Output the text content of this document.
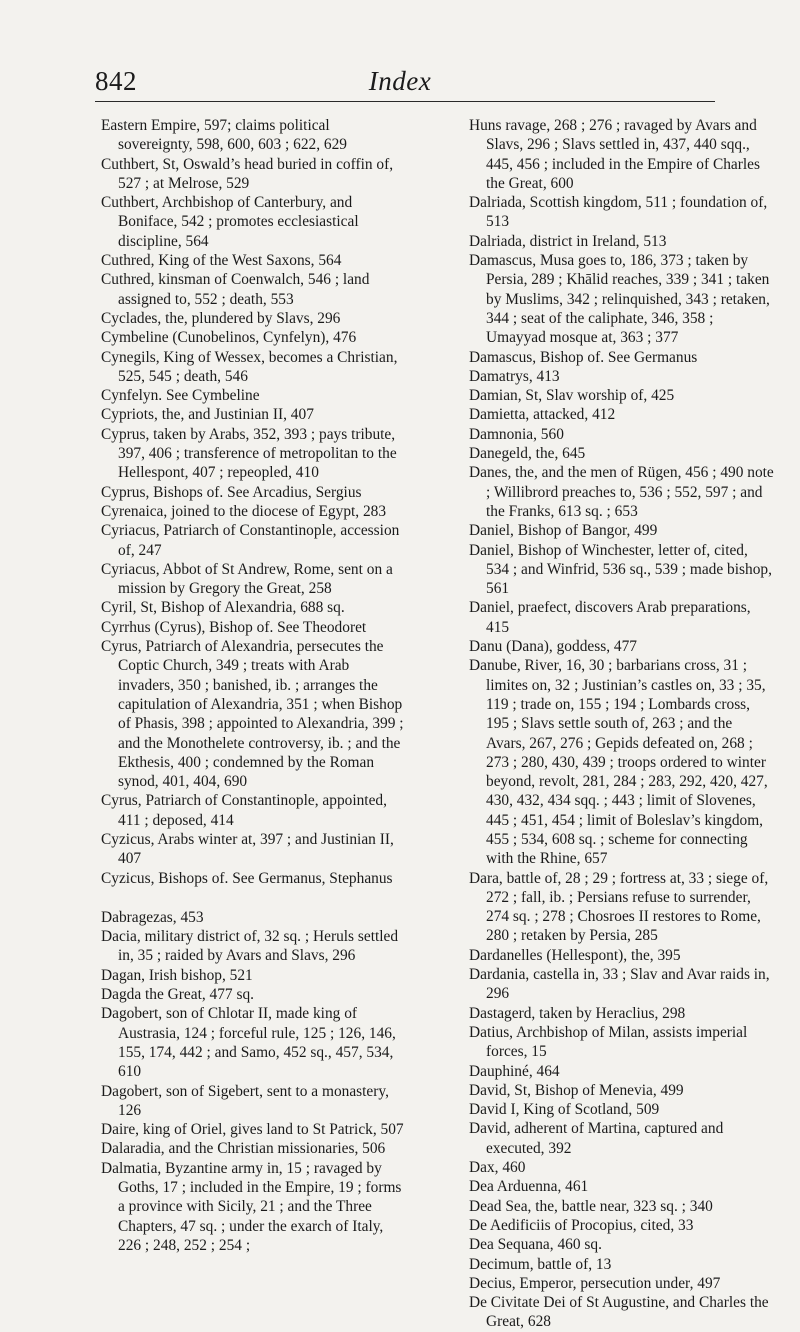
842	Index

Eastern Empire, 597; claims political sovereignty, 598, 600, 603 ; 622, 629

Cuthbert, St, Oswald’s head buried in coffin of, 527 ; at Melrose, 529

Cuthbert, Archbishop of Canterbury, and Boniface, 542 ; promotes ecclesiastical discipline, 564

Cuthred, King of the West Saxons, 564

Cuthred, kinsman of Coenwalch, 546 ; land assigned to, 552 ; death, 553

Cyclades, the, plundered by Slavs, 296

Cymbeline (Cunobelinos, Cynfelyn), 476

Cynegils, King of Wessex, becomes a Christian, 525, 545 ; death, 546

Cynfelyn. See Cymbeline

Cypriots, the, and Justinian II, 407

Cyprus, taken by Arabs, 352, 393 ; pays tribute, 397, 406 ; transference of metropolitan to the Hellespont, 407 ; repeopled, 410

Cyprus, Bishops of. See Arcadius, Sergius

Cyrenaica, joined to the diocese of Egypt, 283

Cyriacus, Patriarch of Constantinople, accession of, 247

Cyriacus, Abbot of St Andrew, Rome, sent on a mission by Gregory the Great, 258

Cyril, St, Bishop of Alexandria, 688 sq.

Cyrrhus (Cyrus), Bishop of. See Theodoret

Cyrus, Patriarch of Alexandria, persecutes the Coptic Church, 349 ; treats with Arab invaders, 350 ; banished, ib. ; arranges the capitulation of Alexandria, 351 ; when Bishop of Phasis, 398 ; appointed to Alexandria, 399 ; and the Monothelete controversy, ib. ; and the Ekthesis, 400 ; condemned by the Roman synod, 401, 404, 690

Cyrus, Patriarch of Constantinople, appointed, 411 ; deposed, 414

Cyzicus, Arabs winter at, 397 ; and Justinian II, 407

Cyzicus, Bishops of. See Germanus, Stephanus

Dabragezas, 453

Dacia, military district of, 32 sq. ; Heruls settled in, 35 ; raided by Avars and Slavs, 296

Dagan, Irish bishop, 521

Dagda the Great, 477 sq.

Dagobert, son of Chlotar II, made king of Austrasia, 124 ; forceful rule, 125 ; 126, 146, 155, 174, 442 ; and Samo, 452 sq., 457, 534, 610

Dagobert, son of Sigebert, sent to a monastery, 126

Daire, king of Oriel, gives land to St Patrick, 507

Dalaradia, and the Christian missionaries, 506

Dalmatia, Byzantine army in, 15 ; ravaged by Goths, 17 ; included in the Empire, 19 ; forms a province with Sicily, 21 ; and the Three Chapters, 47 sq. ; under the exarch of Italy, 226 ; 248, 252 ; 254 ;

Huns ravage, 268 ; 276 ; ravaged by Avars and Slavs, 296 ; Slavs settled in, 437, 440 sqq., 445, 456 ; included in the Empire of Charles the Great, 600

Dalriada, Scottish kingdom, 511 ; foundation of, 513

Dalriada, district in Ireland, 513

Damascus, Musa goes to, 186, 373 ; taken by Persia, 289 ; Khālid reaches, 339 ; 341 ; taken by Muslims, 342 ; relinquished, 343 ; retaken, 344 ; seat of the caliphate, 346, 358 ; Umayyad mosque at, 363 ; 377

Damascus, Bishop of. See Germanus

Damatrys, 413

Damian, St, Slav worship of, 425

Damietta, attacked, 412

Damnonia, 560

Danegeld, the, 645

Danes, the, and the men of Rügen, 456 ; 490 note ; Willibrord preaches to, 536 ; 552, 597 ; and the Franks, 613 sq. ; 653

Daniel, Bishop of Bangor, 499

Daniel, Bishop of Winchester, letter of, cited, 534 ; and Winfrid, 536 sq., 539 ; made bishop, 561

Daniel, praefect, discovers Arab preparations, 415

Danu (Dana), goddess, 477

Danube, River, 16, 30 ; barbarians cross, 31 ; limites on, 32 ; Justinian’s castles on, 33 ; 35, 119 ; trade on, 155 ; 194 ; Lombards cross, 195 ; Slavs settle south of, 263 ; and the Avars, 267, 276 ; Gepids defeated on, 268 ; 273 ; 280, 430, 439 ; troops ordered to winter beyond, revolt, 281, 284 ; 283, 292, 420, 427, 430, 432, 434 sqq. ; 443 ; limit of Slovenes, 445 ; 451, 454 ; limit of Boleslav’s kingdom, 455 ; 534, 608 sq. ; scheme for connecting with the Rhine, 657

Dara, battle of, 28 ; 29 ; fortress at, 33 ; siege of, 272 ; fall, ib. ; Persians refuse to surrender, 274 sq. ; 278 ; Chosroes II restores to Rome, 280 ; retaken by Persia, 285

Dardanelles (Hellespont), the, 395

Dardania, castella in, 33 ; Slav and Avar raids in, 296

Dastagerd, taken by Heraclius, 298

Datius, Archbishop of Milan, assists imperial forces, 15

Dauphiné, 464

David, St, Bishop of Menevia, 499

David I, King of Scotland, 509

David, adherent of Martina, captured and executed, 392

Dax, 460

Dea Arduenna, 461

Dead Sea, the, battle near, 323 sq. ; 340

De Aedificiis of Procopius, cited, 33

Dea Sequana, 460 sq.

Decimum, battle of, 13

Decius, Emperor, persecution under, 497

De Civitate Dei of St Augustine, and Charles the Great, 628
